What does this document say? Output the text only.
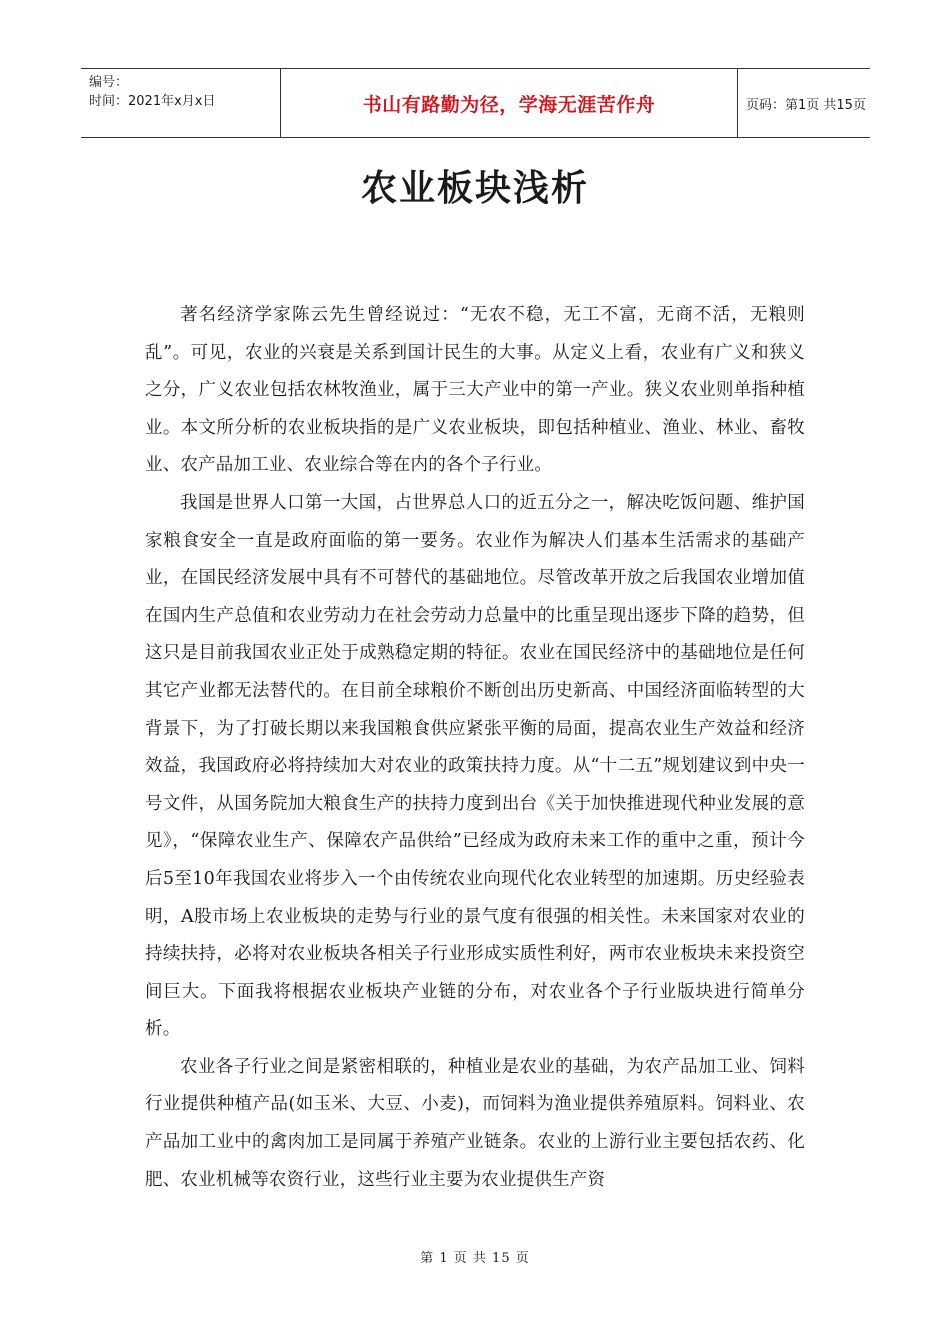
编号：
时间：2021年x月x日	书山有路勤为径，学海无涯苦作舟	页码：第1页 共15页
农业板块浅析

著名经济学家陈云先生曾经说过：“无农不稳，无工不富，无商不活，无粮则乱”。可见，农业的兴衰是关系到国计民生的大事。从定义上看，农业有广义和狭义之分，广义农业包括农林牧渔业，属于三大产业中的第一产业。狭义农业则单指种植业。本文所分析的农业板块指的是广义农业板块，即包括种植业、渔业、林业、畜牧业、农产品加工业、农业综合等在内的各个子行业。

我国是世界人口第一大国，占世界总人口的近五分之一，解决吃饭问题、维护国家粮食安全一直是政府面临的第一要务。农业作为解决人们基本生活需求的基础产业，在国民经济发展中具有不可替代的基础地位。尽管改革开放之后我国农业增加值在国内生产总值和农业劳动力在社会劳动力总量中的比重呈现出逐步下降的趋势，但这只是目前我国农业正处于成熟稳定期的特征。农业在国民经济中的基础地位是任何其它产业都无法替代的。在目前全球粮价不断创出历史新高、中国经济面临转型的大背景下，为了打破长期以来我国粮食供应紧张平衡的局面，提高农业生产效益和经济效益，我国政府必将持续加大对农业的政策扶持力度。从“十二五”规划建议到中央一号文件，从国务院加大粮食生产的扶持力度到出台《关于加快推进现代种业发展的意见》，“保障农业生产、保障农产品供给”已经成为政府未来工作的重中之重，预计今后5至10年我国农业将步入一个由传统农业向现代化农业转型的加速期。历史经验表明，A股市场上农业板块的走势与行业的景气度有很强的相关性。未来国家对农业的持续扶持，必将对农业板块各相关子行业形成实质性利好，两市农业板块未来投资空间巨大。下面我将根据农业板块产业链的分布，对农业各个子行业版块进行简单分析。

农业各子行业之间是紧密相联的，种植业是农业的基础，为农产品加工业、饲料行业提供种植产品(如玉米、大豆、小麦)，而饲料为渔业提供养殖原料。饲料业、农产品加工业中的禽肉加工是同属于养殖产业链条。农业的上游行业主要包括农药、化肥、农业机械等农资行业，这些行业主要为农业提供生产资

第 1 页 共 15 页
